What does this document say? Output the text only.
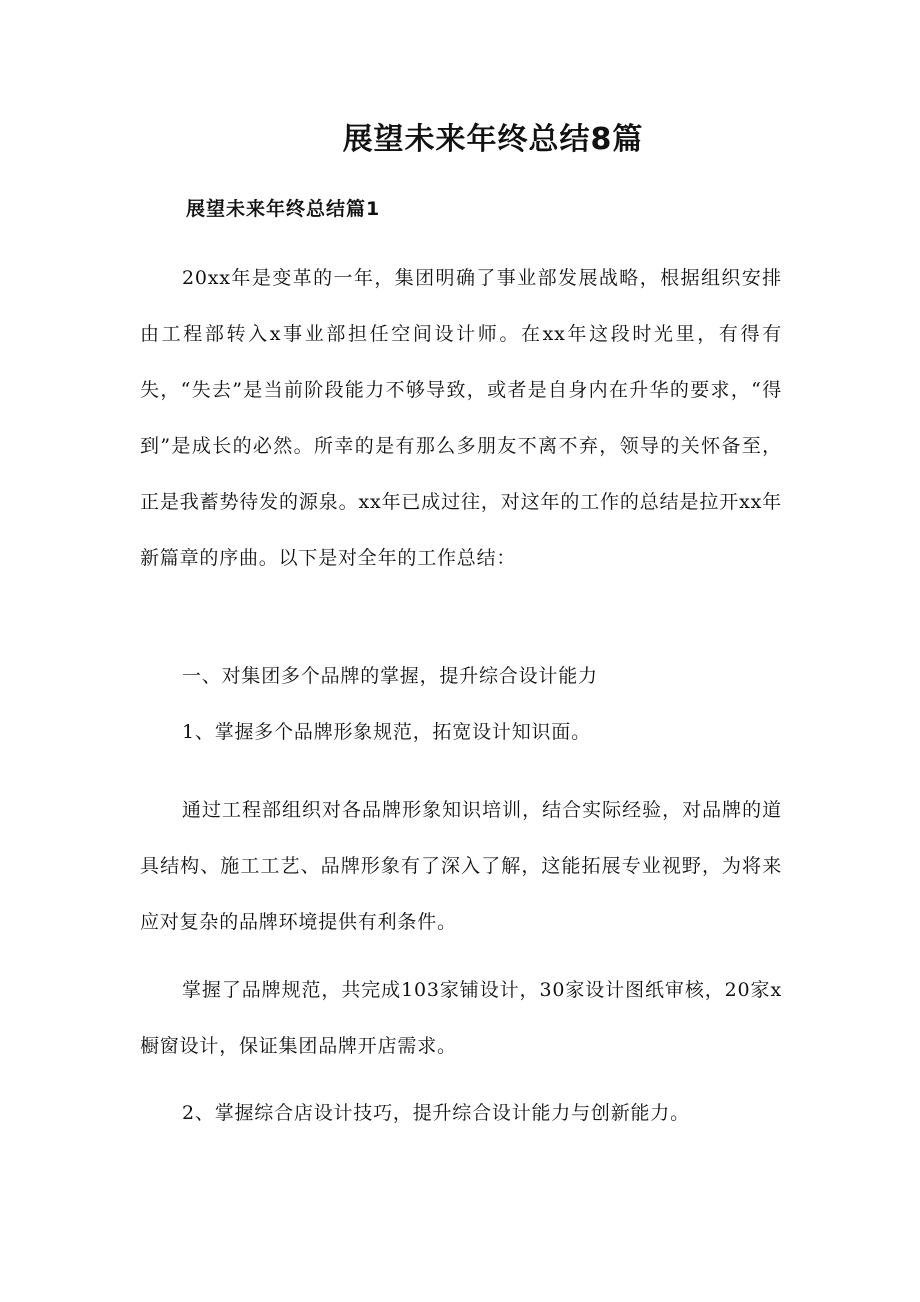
展望未来年终总结8篇
展望未来年终总结篇1

20xx年是变革的一年，集团明确了事业部发展战略，根据组织安排由工程部转入x事业部担任空间设计师。在xx年这段时光里，有得有失，“失去”是当前阶段能力不够导致，或者是自身内在升华的要求，“得到”是成长的必然。所幸的是有那么多朋友不离不弃，领导的关怀备至，正是我蓄势待发的源泉。xx年已成过往，对这年的工作的总结是拉开xx年新篇章的序曲。以下是对全年的工作总结：

一、对集团多个品牌的掌握，提升综合设计能力

1、掌握多个品牌形象规范，拓宽设计知识面。

通过工程部组织对各品牌形象知识培训，结合实际经验，对品牌的道具结构、施工工艺、品牌形象有了深入了解，这能拓展专业视野，为将来应对复杂的品牌环境提供有利条件。

掌握了品牌规范，共完成103家铺设计，30家设计图纸审核，20家x橱窗设计，保证集团品牌开店需求。

2、掌握综合店设计技巧，提升综合设计能力与创新能力。
